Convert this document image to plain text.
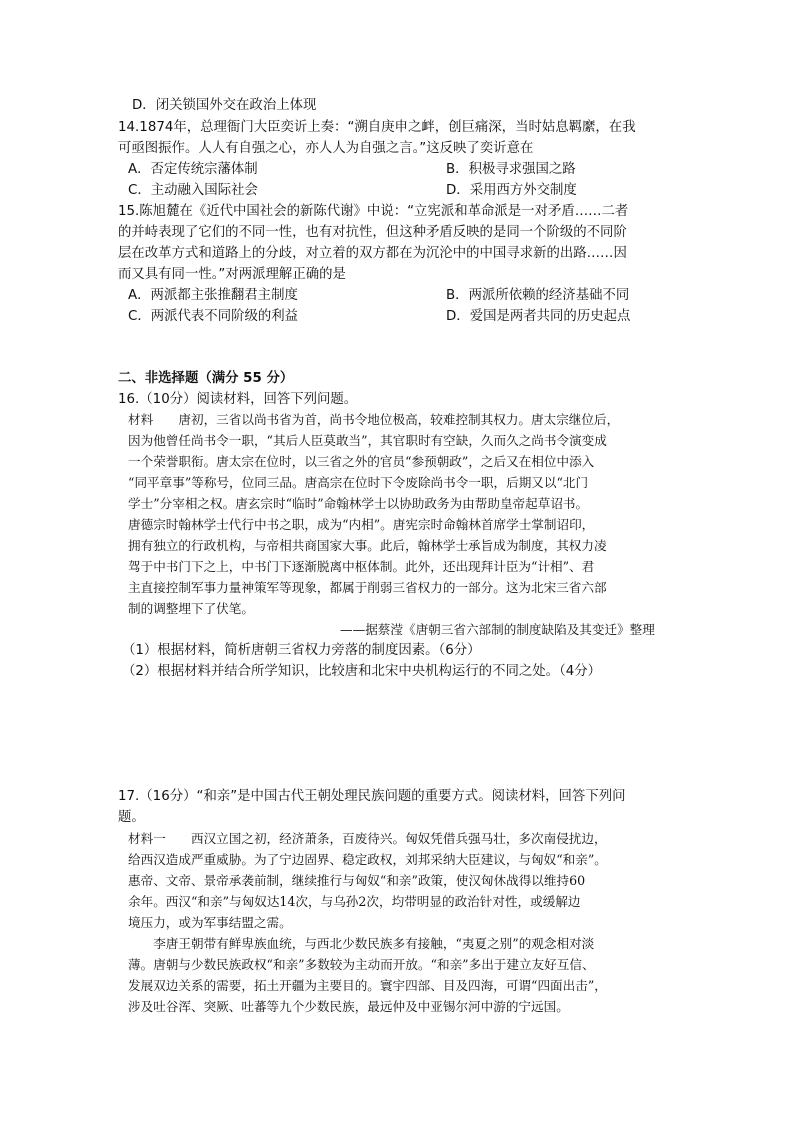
D．闭关锁国外交在政治上体现
14.1874年，总理衙门大臣奕䜣上奏：“溯自庚申之衅，创巨痛深，当时姑息羁縻，在我
可亟图振作。人人有自强之心，亦人人为自强之言。”这反映了奕䜣意在
A．否定传统宗藩体制	B．积极寻求强国之路
C．主动融入国际社会	D．采用西方外交制度
15.陈旭麓在《近代中国社会的新陈代谢》中说：“立宪派和革命派是一对矛盾……二者
的并峙表现了它们的不同一性，也有对抗性，但这种矛盾反映的是同一个阶级的不同阶
层在改革方式和道路上的分歧，对立着的双方都在为沉沦中的中国寻求新的出路……因
而又具有同一性。”对两派理解正确的是
A．两派都主张推翻君主制度	B．两派所依赖的经济基础不同
C．两派代表不同阶级的利益	D．爱国是两者共同的历史起点
二、非选择题（满分 55 分）
16.（10分）阅读材料，回答下列问题。
材料　　唐初，三省以尚书省为首，尚书令地位极高，较难控制其权力。唐太宗继位后，
因为他曾任尚书令一职，“其后人臣莫敢当”，其官职时有空缺，久而久之尚书令演变成
一个荣誉职衔。唐太宗在位时，以三省之外的官员“参预朝政”，之后又在相位中添入
“同平章事”等称号，位同三品。唐高宗在位时下令废除尚书令一职，后期又以“北门
学士”分宰相之权。唐玄宗时“临时”命翰林学士以协助政务为由帮助皇帝起草诏书。
唐德宗时翰林学士代行中书之职，成为“内相”。唐宪宗时命翰林首席学士掌制诏印，
拥有独立的行政机构，与帝相共商国家大事。此后，翰林学士承旨成为制度，其权力凌
驾于中书门下之上，中书门下逐渐脱离中枢体制。此外，还出现拜计臣为“计相”、君
主直接控制军事力量神策军等现象，都属于削弱三省权力的一部分。这为北宋三省六部
制的调整埋下了伏笔。
——据蔡滢《唐朝三省六部制的制度缺陷及其变迁》整理
（1）根据材料，简析唐朝三省权力旁落的制度因素。（6分）
（2）根据材料并结合所学知识，比较唐和北宋中央机构运行的不同之处。（4分）
17.（16分）“和亲”是中国古代王朝处理民族问题的重要方式。阅读材料，回答下列问
题。
材料一　　西汉立国之初，经济萧条，百废待兴。匈奴凭借兵强马壮，多次南侵扰边，
给西汉造成严重威胁。为了宁边固界、稳定政权，刘邦采纳大臣建议，与匈奴“和亲”。
惠帝、文帝、景帝承袭前制，继续推行与匈奴“和亲”政策，使汉匈休战得以维持60
余年。西汉“和亲”与匈奴达14次，与乌孙2次，均带明显的政治针对性，或缓解边
境压力，或为军事结盟之需。
　　李唐王朝带有鲜卑族血统，与西北少数民族多有接触，“夷夏之别”的观念相对淡
薄。唐朝与少数民族政权“和亲”多数较为主动而开放。“和亲”多出于建立友好互信、
发展双边关系的需要，拓土开疆为主要目的。寰宇四部、目及四海，可谓“四面出击”，
涉及吐谷浑、突厥、吐蕃等九个少数民族，最远仲及中亚锡尔河中游的宁远国。
